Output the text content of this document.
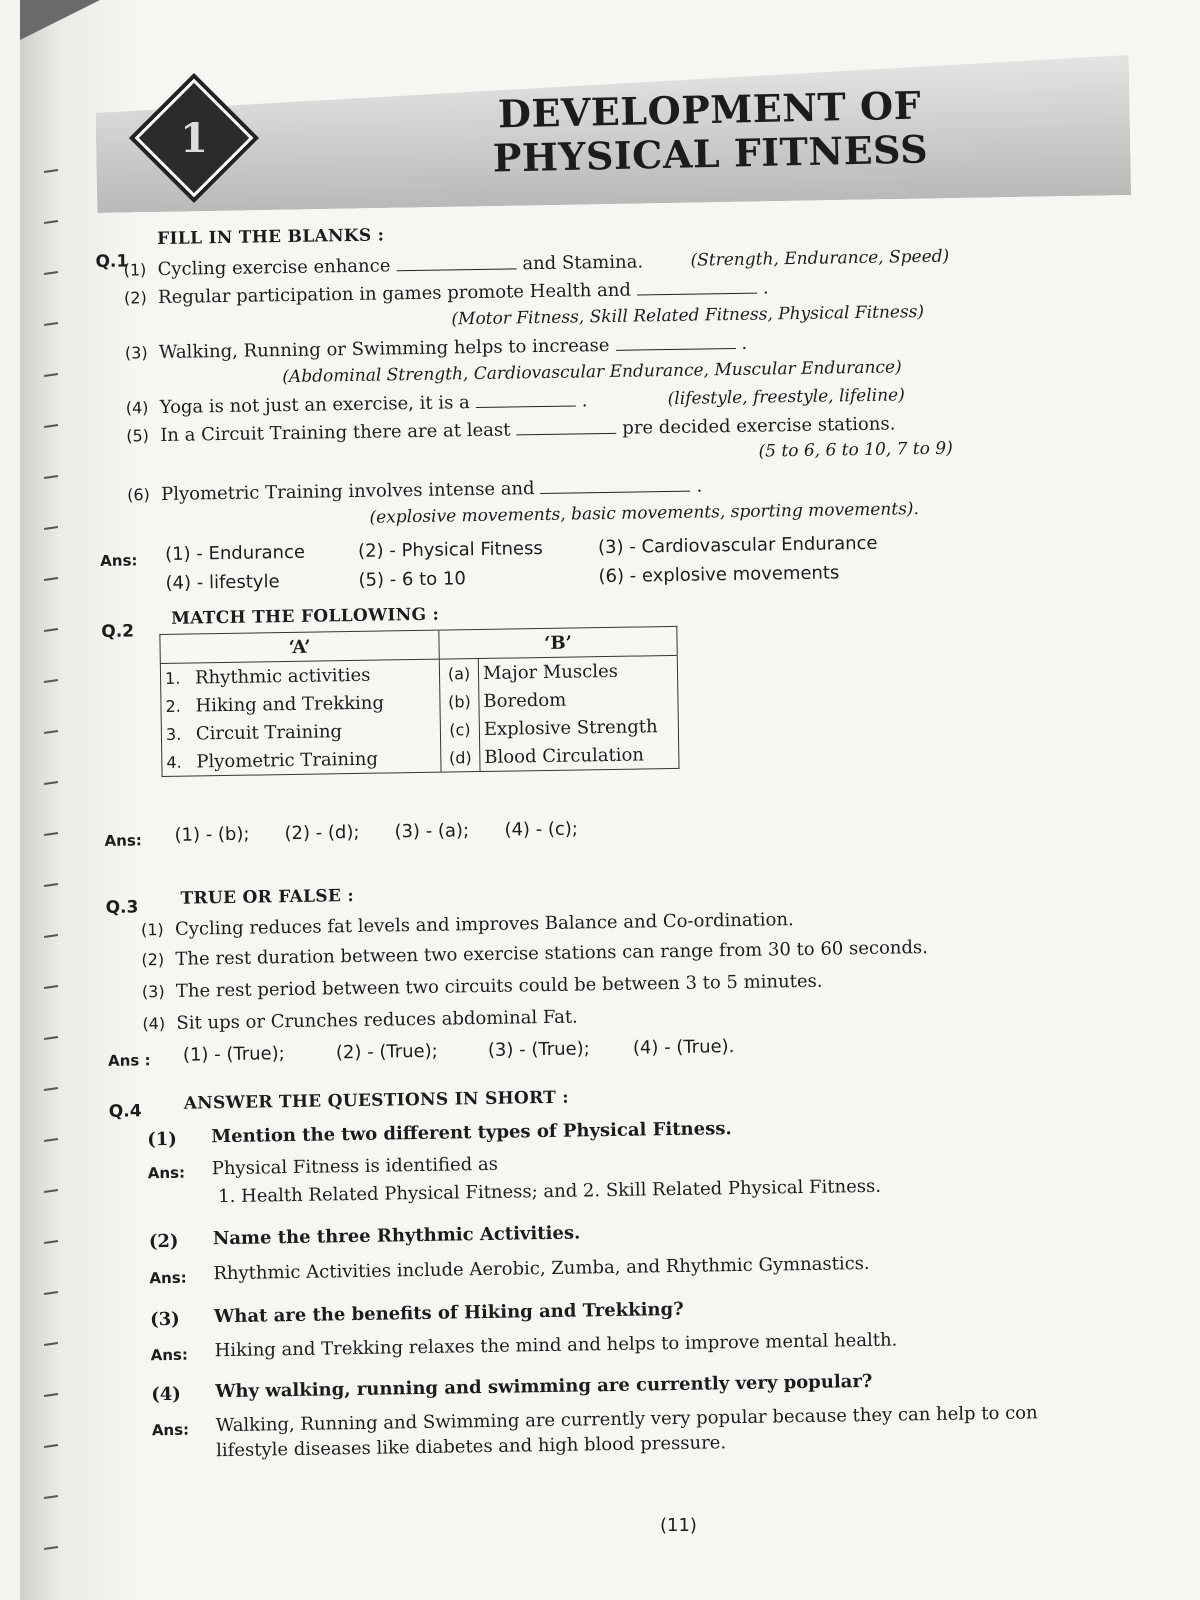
1
DEVELOPMENT OF
PHYSICAL FITNESS
Q.1
FILL IN THE BLANKS :
(1) Cycling exercise enhance	and Stamina.	(Strength, Endurance, Speed)
(2) Regular participation in games promote Health and	.
(Motor Fitness, Skill Related Fitness, Physical Fitness)
(3) Walking, Running or Swimming helps to increase	.
(Abdominal Strength, Cardiovascular Endurance, Muscular Endurance)
(4) Yoga is not just an exercise, it is a	.	(lifestyle, freestyle, lifeline)
(5) In a Circuit Training there are at least	pre decided exercise stations.
(5 to 6, 6 to 10, 7 to 9)
(6) Plyometric Training involves intense and	.
(explosive movements, basic movements, sporting movements).
Ans: (1) - Endurance	(2) - Physical Fitness	(3) - Cardiovascular Endurance
(4) - lifestyle	(5) - 6 to 10	(6) - explosive movements
Q.2
MATCH THE FOLLOWING :
‘A’		‘B’	
1.	Rhythmic activities	(a)	Major Muscles
2.	Hiking and Trekking	(b)	Boredom
3.	Circuit Training	(c)	Explosive Strength
4.	Plyometric Training	(d)	Blood Circulation
Ans: (1) - (b); (2) - (d); (3) - (a); (4) - (c);
Q.3 TRUE OR FALSE :
(1) Cycling reduces fat levels and improves Balance and Co-ordination.
(2) The rest duration between two exercise stations can range from 30 to 60 seconds.
(3) The rest period between two circuits could be between 3 to 5 minutes.
(4) Sit ups or Crunches reduces abdominal Fat.
Ans : (1) - (True);	(2) - (True);	(3) - (True); (4) - (True).
Q.4 ANSWER THE QUESTIONS IN SHORT :
(1) Mention the two different types of Physical Fitness.
Ans: Physical Fitness is identified as
1. Health Related Physical Fitness; and 2. Skill Related Physical Fitness.
(2) Name the three Rhythmic Activities.
Ans: Rhythmic Activities include Aerobic, Zumba, and Rhythmic Gymnastics.
(3) What are the benefits of Hiking and Trekking?
Ans: Hiking and Trekking relaxes the mind and helps to improve mental health.
(4) Why walking, running and swimming are currently very popular?
Ans: Walking, Running and Swimming are currently very popular because they can help to con
lifestyle diseases like diabetes and high blood pressure.
(11)
